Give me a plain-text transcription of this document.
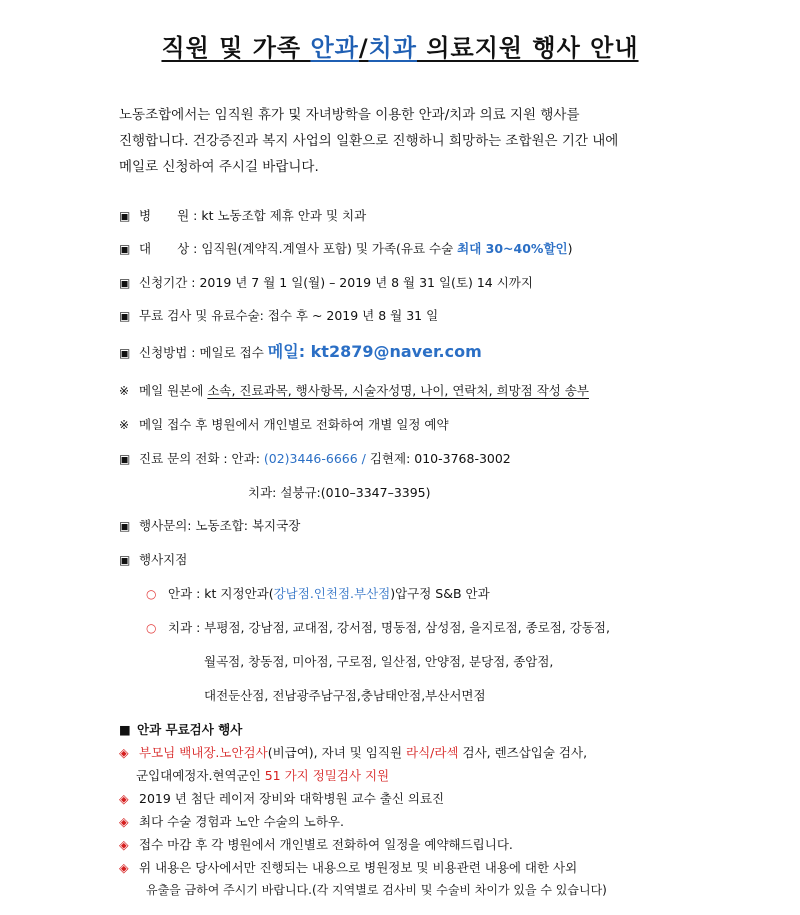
직원 및 가족 안과/치과 의료지원 행사 안내
노동조합에서는 임직원 휴가 및 자녀방학을 이용한 안과/치과 의료 지원 행사를
진행합니다. 건강증진과 복지 사업의 일환으로 진행하니 희망하는 조합원은 기간 내에
메일로 신청하여 주시길 바랍니다.
▣ 병 원 : kt 노동조합 제휴 안과 및 치과
▣ 대 상 : 임직원(계약직.계열사 포함) 및 가족(유료 수술 최대 30~40%할인)
▣ 신청기간 : 2019 년 7 월 1 일(월) – 2019 년 8 월 31 일(토) 14 시까지
▣ 무료 검사 및 유료수술: 접수 후 ~ 2019 년 8 월 31 일
▣ 신청방법 : 메일로 접수 메일: kt2879@naver.com
※ 메일 원본에 소속, 진료과목, 행사항목, 시술자성명, 나이, 연락처, 희망점 작성 송부
※ 메일 접수 후 병원에서 개인별로 전화하여 개별 일정 예약
▣ 진료 문의 전화 : 안과: (02)3446-6666 / 김현제: 010-3768-3002
치과: 설붕규:(010–3347–3395)
▣ 행사문의: 노동조합: 복지국장
▣ 행사지점
○ 안과 : kt 지정안과(강남점.인천점.부산점)압구정 S&B 안과
○ 치과 : 부평점, 강남점, 교대점, 강서점, 명동점, 삼성점, 을지로점, 종로점, 강동점,
월곡점, 창동점, 미아점, 구로점, 일산점, 안양점, 분당점, 종암점,
대전둔산점, 전남광주남구점,충남태안점,부산서면점
■ 안과 무료검사 행사
◈ 부모님 백내장.노안검사(비급여), 자녀 및 임직원 라식/라섹 검사, 렌즈삽입술 검사,
군입대예정자.현역군인 51 가지 정밀검사 지원
◈ 2019 년 첨단 레이저 장비와 대학병원 교수 출신 의료진
◈ 최다 수술 경험과 노안 수술의 노하우.
◈ 접수 마감 후 각 병원에서 개인별로 전화하여 일정을 예약해드립니다.
◈ 위 내용은 당사에서만 진행되는 내용으로 병원정보 및 비용관련 내용에 대한 사외
유출을 금하여 주시기 바랍니다.(각 지역별로 검사비 및 수술비 차이가 있을 수 있습니다)
